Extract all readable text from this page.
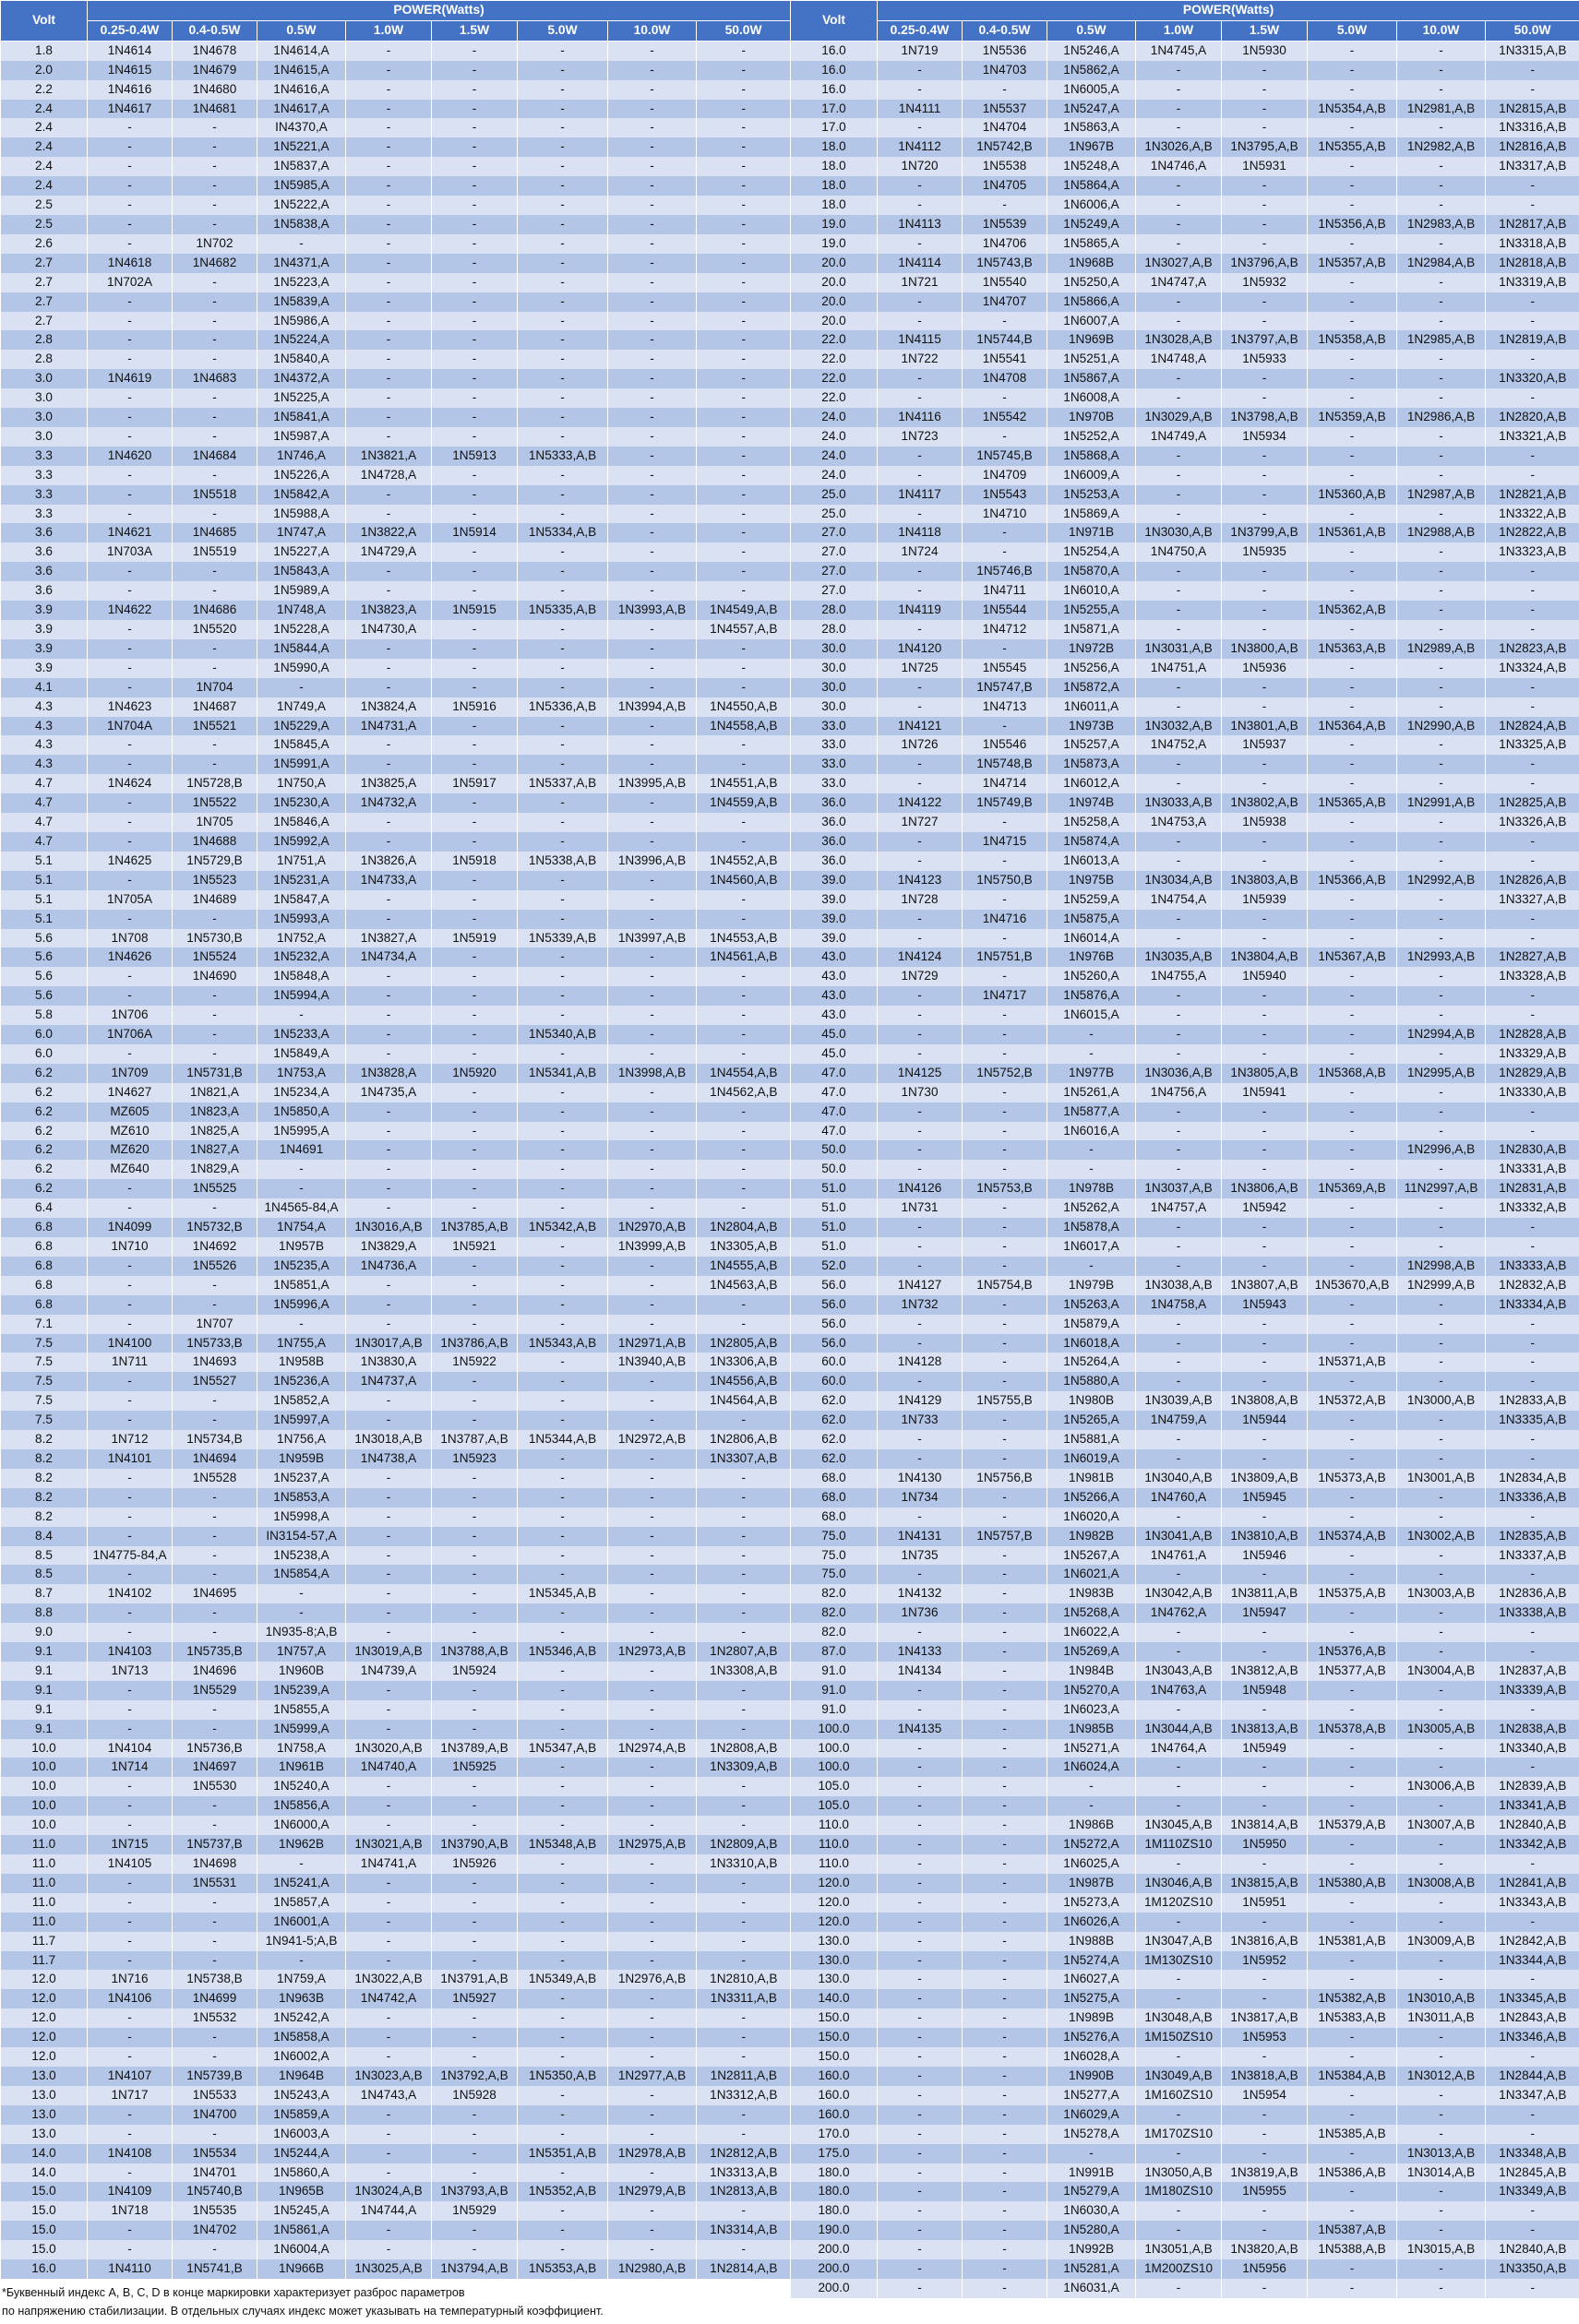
Volt	POWER(Watts)							
	0.25-0.4W	0.4-0.5W	0.5W	1.0W	1.5W	5.0W	10.0W	50.0W
1.8	1N4614	1N4678	1N4614,A	-	-	-	-	-
2.0	1N4615	1N4679	1N4615,A	-	-	-	-	-
2.2	1N4616	1N4680	1N4616,A	-	-	-	-	-
2.4	1N4617	1N4681	1N4617,A	-	-	-	-	-
2.4	-	-	IN4370,A	-	-	-	-	-
2.4	-	-	1N5221,A	-	-	-	-	-
2.4	-	-	1N5837,A	-	-	-	-	-
2.4	-	-	1N5985,A	-	-	-	-	-
2.5	-	-	1N5222,A	-	-	-	-	-
2.5	-	-	1N5838,A	-	-	-	-	-
2.6	-	1N702	-	-	-	-	-	-
2.7	1N4618	1N4682	1N4371,A	-	-	-	-	-
2.7	1N702A	-	1N5223,A	-	-	-	-	-
2.7	-	-	1N5839,A	-	-	-	-	-
2.7	-	-	1N5986,A	-	-	-	-	-
2.8	-	-	1N5224,A	-	-	-	-	-
2.8	-	-	1N5840,A	-	-	-	-	-
3.0	1N4619	1N4683	1N4372,A	-	-	-	-	-
3.0	-	-	1N5225,A	-	-	-	-	-
3.0	-	-	1N5841,A	-	-	-	-	-
3.0	-	-	1N5987,A	-	-	-	-	-
3.3	1N4620	1N4684	1N746,A	1N3821,A	1N5913	1N5333,A,B	-	-
3.3	-	-	1N5226,A	1N4728,A	-	-	-	-
3.3	-	1N5518	1N5842,A	-	-	-	-	-
3.3	-	-	1N5988,A	-	-	-	-	-
3.6	1N4621	1N4685	1N747,A	1N3822,A	1N5914	1N5334,A,B	-	-
3.6	1N703A	1N5519	1N5227,A	1N4729,A	-	-	-	-
3.6	-	-	1N5843,A	-	-	-	-	-
3.6	-	-	1N5989,A	-	-	-	-	-
3.9	1N4622	1N4686	1N748,A	1N3823,A	1N5915	1N5335,A,B	1N3993,A,B	1N4549,A,B
3.9	-	1N5520	1N5228,A	1N4730,A	-	-	-	1N4557,A,B
3.9	-	-	1N5844,A	-	-	-	-	-
3.9	-	-	1N5990,A	-	-	-	-	-
4.1	-	1N704	-	-	-	-	-	-
4.3	1N4623	1N4687	1N749,A	1N3824,A	1N5916	1N5336,A,B	1N3994,A,B	1N4550,A,B
4.3	1N704A	1N5521	1N5229,A	1N4731,A	-	-	-	1N4558,A,B
4.3	-	-	1N5845,A	-	-	-	-	-
4.3	-	-	1N5991,A	-	-	-	-	-
4.7	1N4624	1N5728,B	1N750,A	1N3825,A	1N5917	1N5337,A,B	1N3995,A,B	1N4551,A,B
4.7	-	1N5522	1N5230,A	1N4732,A	-	-	-	1N4559,A,B
4.7	-	1N705	1N5846,A	-	-	-	-	-
4.7	-	1N4688	1N5992,A	-	-	-	-	-
5.1	1N4625	1N5729,B	1N751,A	1N3826,A	1N5918	1N5338,A,B	1N3996,A,B	1N4552,A,B
5.1	-	1N5523	1N5231,A	1N4733,A	-	-	-	1N4560,A,B
5.1	1N705A	1N4689	1N5847,A	-	-	-	-	-
5.1	-	-	1N5993,A	-	-	-	-	-
5.6	1N708	1N5730,B	1N752,A	1N3827,A	1N5919	1N5339,A,B	1N3997,A,B	1N4553,A,B
5.6	1N4626	1N5524	1N5232,A	1N4734,A	-	-	-	1N4561,A,B
5.6	-	1N4690	1N5848,A	-	-	-	-	-
5.6	-	-	1N5994,A	-	-	-	-	-
5.8	1N706	-	-	-	-	-	-	-
6.0	1N706A	-	1N5233,A	-	-	1N5340,A,B	-	-
6.0	-	-	1N5849,A	-	-	-	-	-
6.2	1N709	1N5731,B	1N753,A	1N3828,A	1N5920	1N5341,A,B	1N3998,A,B	1N4554,A,B
6.2	1N4627	1N821,A	1N5234,A	1N4735,A	-	-	-	1N4562,A,B
6.2	MZ605	1N823,A	1N5850,A	-	-	-	-	-
6.2	MZ610	1N825,A	1N5995,A	-	-	-	-	-
6.2	MZ620	1N827,A	1N4691	-	-	-	-	-
6.2	MZ640	1N829,A	-	-	-	-	-	-
6.2	-	1N5525	-	-	-	-	-	-
6.4	-	-	1N4565-84,A	-	-	-	-	-
6.8	1N4099	1N5732,B	1N754,A	1N3016,A,B	1N3785,A,B	1N5342,A,B	1N2970,A,B	1N2804,A,B
6.8	1N710	1N4692	1N957B	1N3829,A	1N5921	-	1N3999,A,B	1N3305,A,B
6.8	-	1N5526	1N5235,A	1N4736,A	-	-	-	1N4555,A,B
6.8	-	-	1N5851,A	-	-	-	-	1N4563,A,B
6.8	-	-	1N5996,A	-	-	-	-	-
7.1	-	1N707	-	-	-	-	-	-
7.5	1N4100	1N5733,B	1N755,A	1N3017,A,B	1N3786,A,B	1N5343,A,B	1N2971,A,B	1N2805,A,B
7.5	1N711	1N4693	1N958B	1N3830,A	1N5922	-	1N3940,A,B	1N3306,A,B
7.5	-	1N5527	1N5236,A	1N4737,A	-	-	-	1N4556,A,B
7.5	-	-	1N5852,A	-	-	-	-	1N4564,A,B
7.5	-	-	1N5997,A	-	-	-	-	-
8.2	1N712	1N5734,B	1N756,A	1N3018,A,B	1N3787,A,B	1N5344,A,B	1N2972,A,B	1N2806,A,B
8.2	1N4101	1N4694	1N959B	1N4738,A	1N5923	-	-	1N3307,A,B
8.2	-	1N5528	1N5237,A	-	-	-	-	-
8.2	-	-	1N5853,A	-	-	-	-	-
8.2	-	-	1N5998,A	-	-	-	-	-
8.4	-	-	IN3154-57,A	-	-	-	-	-
8.5	1N4775-84,A	-	1N5238,A	-	-	-	-	-
8.5	-	-	1N5854,A	-	-	-	-	-
8.7	1N4102	1N4695	-	-	-	1N5345,A,B	-	-
8.8	-	-	-	-	-	-	-	-
9.0	-	-	1N935-8;A,B	-	-	-	-	-
9.1	1N4103	1N5735,B	1N757,A	1N3019,A,B	1N3788,A,B	1N5346,A,B	1N2973,A,B	1N2807,A,B
9.1	1N713	1N4696	1N960B	1N4739,A	1N5924	-	-	1N3308,A,B
9.1	-	1N5529	1N5239,A	-	-	-	-	-
9.1	-	-	1N5855,A	-	-	-	-	-
9.1	-	-	1N5999,A	-	-	-	-	-
10.0	1N4104	1N5736,B	1N758,A	1N3020,A,B	1N3789,A,B	1N5347,A,B	1N2974,A,B	1N2808,A,B
10.0	1N714	1N4697	1N961B	1N4740,A	1N5925	-	-	1N3309,A,B
10.0	-	1N5530	1N5240,A	-	-	-	-	-
10.0	-	-	1N5856,A	-	-	-	-	-
10.0	-	-	1N6000,A	-	-	-	-	-
11.0	1N715	1N5737,B	1N962B	1N3021,A,B	1N3790,A,B	1N5348,A,B	1N2975,A,B	1N2809,A,B
11.0	1N4105	1N4698	-	1N4741,A	1N5926	-	-	1N3310,A,B
11.0	-	1N5531	1N5241,A	-	-	-	-	-
11.0	-	-	1N5857,A	-	-	-	-	-
11.0	-	-	1N6001,A	-	-	-	-	-
11.7	-	-	1N941-5;A,B	-	-	-	-	-
11.7	-	-	-	-	-	-	-	-
12.0	1N716	1N5738,B	1N759,A	1N3022,A,B	1N3791,A,B	1N5349,A,B	1N2976,A,B	1N2810,A,B
12.0	1N4106	1N4699	1N963B	1N4742,A	1N5927	-	-	1N3311,A,B
12.0	-	1N5532	1N5242,A	-	-	-	-	-
12.0	-	-	1N5858,A	-	-	-	-	-
12.0	-	-	1N6002,A	-	-	-	-	-
13.0	1N4107	1N5739,B	1N964B	1N3023,A,B	1N3792,A,B	1N5350,A,B	1N2977,A,B	1N2811,A,B
13.0	1N717	1N5533	1N5243,A	1N4743,A	1N5928	-	-	1N3312,A,B
13.0	-	1N4700	1N5859,A	-	-	-	-	-
13.0	-	-	1N6003,A	-	-	-	-	-
14.0	1N4108	1N5534	1N5244,A	-	-	1N5351,A,B	1N2978,A,B	1N2812,A,B
14.0	-	1N4701	1N5860,A	-	-	-	-	1N3313,A,B
15.0	1N4109	1N5740,B	1N965B	1N3024,A,B	1N3793,A,B	1N5352,A,B	1N2979,A,B	1N2813,A,B
15.0	1N718	1N5535	1N5245,A	1N4744,A	1N5929	-	-	-
15.0	-	1N4702	1N5861,A	-	-	-	-	1N3314,A,B
15.0	-	-	1N6004,A	-	-	-	-	-
16.0	1N4110	1N5741,B	1N966B	1N3025,A,B	1N3794,A,B	1N5353,A,B	1N2980,A,B	1N2814,A,B
Volt	POWER(Watts)							
	0.25-0.4W	0.4-0.5W	0.5W	1.0W	1.5W	5.0W	10.0W	50.0W
16.0	1N719	1N5536	1N5246,A	1N4745,A	1N5930	-	-	1N3315,A,B
16.0	-	1N4703	1N5862,A	-	-	-	-	-
16.0	-	-	1N6005,A	-	-	-	-	-
17.0	1N4111	1N5537	1N5247,A	-	-	1N5354,A,B	1N2981,A,B	1N2815,A,B
17.0	-	1N4704	1N5863,A	-	-	-	-	1N3316,A,B
18.0	1N4112	1N5742,B	1N967B	1N3026,A,B	1N3795,A,B	1N5355,A,B	1N2982,A,B	1N2816,A,B
18.0	1N720	1N5538	1N5248,A	1N4746,A	1N5931	-	-	1N3317,A,B
18.0	-	1N4705	1N5864,A	-	-	-	-	-
18.0	-	-	1N6006,A	-	-	-	-	-
19.0	1N4113	1N5539	1N5249,A	-	-	1N5356,A,B	1N2983,A,B	1N2817,A,B
19.0	-	1N4706	1N5865,A	-	-	-	-	1N3318,A,B
20.0	1N4114	1N5743,B	1N968B	1N3027,A,B	1N3796,A,B	1N5357,A,B	1N2984,A,B	1N2818,A,B
20.0	1N721	1N5540	1N5250,A	1N4747,A	1N5932	-	-	1N3319,A,B
20.0	-	1N4707	1N5866,A	-	-	-	-	-
20.0	-	-	1N6007,A	-	-	-	-	-
22.0	1N4115	1N5744,B	1N969B	1N3028,A,B	1N3797,A,B	1N5358,A,B	1N2985,A,B	1N2819,A,B
22.0	1N722	1N5541	1N5251,A	1N4748,A	1N5933	-	-	-
22.0	-	1N4708	1N5867,A	-	-	-	-	1N3320,A,B
22.0	-	-	1N6008,A	-	-	-	-	-
24.0	1N4116	1N5542	1N970B	1N3029,A,B	1N3798,A,B	1N5359,A,B	1N2986,A,B	1N2820,A,B
24.0	1N723	-	1N5252,A	1N4749,A	1N5934	-	-	1N3321,A,B
24.0	-	1N5745,B	1N5868,A	-	-	-	-	-
24.0	-	1N4709	1N6009,A	-	-	-	-	-
25.0	1N4117	1N5543	1N5253,A	-	-	1N5360,A,B	1N2987,A,B	1N2821,A,B
25.0	-	1N4710	1N5869,A	-	-	-	-	1N3322,A,B
27.0	1N4118	-	1N971B	1N3030,A,B	1N3799,A,B	1N5361,A,B	1N2988,A,B	1N2822,A,B
27.0	1N724	-	1N5254,A	1N4750,A	1N5935	-	-	1N3323,A,B
27.0	-	1N5746,B	1N5870,A	-	-	-	-	-
27.0	-	1N4711	1N6010,A	-	-	-	-	-
28.0	1N4119	1N5544	1N5255,A	-	-	1N5362,A,B	-	-
28.0	-	1N4712	1N5871,A	-	-	-	-	-
30.0	1N4120	-	1N972B	1N3031,A,B	1N3800,A,B	1N5363,A,B	1N2989,A,B	1N2823,A,B
30.0	1N725	1N5545	1N5256,A	1N4751,A	1N5936	-	-	1N3324,A,B
30.0	-	1N5747,B	1N5872,A	-	-	-	-	-
30.0	-	1N4713	1N6011,A	-	-	-	-	-
33.0	1N4121	-	1N973B	1N3032,A,B	1N3801,A,B	1N5364,A,B	1N2990,A,B	1N2824,A,B
33.0	1N726	1N5546	1N5257,A	1N4752,A	1N5937	-	-	1N3325,A,B
33.0	-	1N5748,B	1N5873,A	-	-	-	-	-
33.0	-	1N4714	1N6012,A	-	-	-	-	-
36.0	1N4122	1N5749,B	1N974B	1N3033,A,B	1N3802,A,B	1N5365,A,B	1N2991,A,B	1N2825,A,B
36.0	1N727	-	1N5258,A	1N4753,A	1N5938	-	-	1N3326,A,B
36.0	-	1N4715	1N5874,A	-	-	-	-	-
36.0	-	-	1N6013,A	-	-	-	-	-
39.0	1N4123	1N5750,B	1N975B	1N3034,A,B	1N3803,A,B	1N5366,A,B	1N2992,A,B	1N2826,A,B
39.0	1N728	-	1N5259,A	1N4754,A	1N5939	-	-	1N3327,A,B
39.0	-	1N4716	1N5875,A	-	-	-	-	-
39.0	-	-	1N6014,A	-	-	-	-	-
43.0	1N4124	1N5751,B	1N976B	1N3035,A,B	1N3804,A,B	1N5367,A,B	1N2993,A,B	1N2827,A,B
43.0	1N729	-	1N5260,A	1N4755,A	1N5940	-	-	1N3328,A,B
43.0	-	1N4717	1N5876,A	-	-	-	-	-
43.0	-	-	1N6015,A	-	-	-	-	-
45.0	-	-	-	-	-	-	1N2994,A,B	1N2828,A,B
45.0	-	-	-	-	-	-	-	1N3329,A,B
47.0	1N4125	1N5752,B	1N977B	1N3036,A,B	1N3805,A,B	1N5368,A,B	1N2995,A,B	1N2829,A,B
47.0	1N730	-	1N5261,A	1N4756,A	1N5941	-	-	1N3330,A,B
47.0	-	-	1N5877,A	-	-	-	-	-
47.0	-	-	1N6016,A	-	-	-	-	-
50.0	-	-	-	-	-	-	1N2996,A,B	1N2830,A,B
50.0	-	-	-	-	-	-	-	1N3331,A,B
51.0	1N4126	1N5753,B	1N978B	1N3037,A,B	1N3806,A,B	1N5369,A,B	11N2997,A,B	1N2831,A,B
51.0	1N731	-	1N5262,A	1N4757,A	1N5942	-	-	1N3332,A,B
51.0	-	-	1N5878,A	-	-	-	-	-
51.0	-	-	1N6017,A	-	-	-	-	-
52.0	-	-	-	-	-	-	1N2998,A,B	1N3333,A,B
56.0	1N4127	1N5754,B	1N979B	1N3038,A,B	1N3807,A,B	1N53670,A,B	1N2999,A,B	1N2832,A,B
56.0	1N732	-	1N5263,A	1N4758,A	1N5943	-	-	1N3334,A,B
56.0	-	-	1N5879,A	-	-	-	-	-
56.0	-	-	1N6018,A	-	-	-	-	-
60.0	1N4128	-	1N5264,A	-	-	1N5371,A,B	-	-
60.0	-	-	1N5880,A	-	-	-	-	-
62.0	1N4129	1N5755,B	1N980B	1N3039,A,B	1N3808,A,B	1N5372,A,B	1N3000,A,B	1N2833,A,B
62.0	1N733	-	1N5265,A	1N4759,A	1N5944	-	-	1N3335,A,B
62.0	-	-	1N5881,A	-	-	-	-	-
62.0	-	-	1N6019,A	-	-	-	-	-
68.0	1N4130	1N5756,B	1N981B	1N3040,A,B	1N3809,A,B	1N5373,A,B	1N3001,A,B	1N2834,A,B
68.0	1N734	-	1N5266,A	1N4760,A	1N5945	-	-	1N3336,A,B
68.0	-	-	1N6020,A	-	-	-	-	-
75.0	1N4131	1N5757,B	1N982B	1N3041,A,B	1N3810,A,B	1N5374,A,B	1N3002,A,B	1N2835,A,B
75.0	1N735	-	1N5267,A	1N4761,A	1N5946	-	-	1N3337,A,B
75.0	-	-	1N6021,A	-	-	-	-	-
82.0	1N4132	-	1N983B	1N3042,A,B	1N3811,A,B	1N5375,A,B	1N3003,A,B	1N2836,A,B
82.0	1N736	-	1N5268,A	1N4762,A	1N5947	-	-	1N3338,A,B
82.0	-	-	1N6022,A	-	-	-	-	-
87.0	1N4133	-	1N5269,A	-	-	1N5376,A,B	-	-
91.0	1N4134	-	1N984B	1N3043,A,B	1N3812,A,B	1N5377,A,B	1N3004,A,B	1N2837,A,B
91.0	-	-	1N5270,A	1N4763,A	1N5948	-	-	1N3339,A,B
91.0	-	-	1N6023,A	-	-	-	-	-
100.0	1N4135	-	1N985B	1N3044,A,B	1N3813,A,B	1N5378,A,B	1N3005,A,B	1N2838,A,B
100.0	-	-	1N5271,A	1N4764,A	1N5949	-	-	1N3340,A,B
100.0	-	-	1N6024,A	-	-	-	-	-
105.0	-	-	-	-	-	-	1N3006,A,B	1N2839,A,B
105.0	-	-	-	-	-	-	-	1N3341,A,B
110.0	-	-	1N986B	1N3045,A,B	1N3814,A,B	1N5379,A,B	1N3007,A,B	1N2840,A,B
110.0	-	-	1N5272,A	1M110ZS10	1N5950	-	-	1N3342,A,B
110.0	-	-	1N6025,A	-	-	-	-	-
120.0	-	-	1N987B	1N3046,A,B	1N3815,A,B	1N5380,A,B	1N3008,A,B	1N2841,A,B
120.0	-	-	1N5273,A	1M120ZS10	1N5951	-	-	1N3343,A,B
120.0	-	-	1N6026,A	-	-	-	-	-
130.0	-	-	1N988B	1N3047,A,B	1N3816,A,B	1N5381,A,B	1N3009,A,B	1N2842,A,B
130.0	-	-	1N5274,A	1M130ZS10	1N5952	-	-	1N3344,A,B
130.0	-	-	1N6027,A	-	-	-	-	-
140.0	-	-	1N5275,A	-	-	1N5382,A,B	1N3010,A,B	1N3345,A,B
150.0	-	-	1N989B	1N3048,A,B	1N3817,A,B	1N5383,A,B	1N3011,A,B	1N2843,A,B
150.0	-	-	1N5276,A	1M150ZS10	1N5953	-	-	1N3346,A,B
150.0	-	-	1N6028,A	-	-	-	-	-
160.0	-	-	1N990B	1N3049,A,B	1N3818,A,B	1N5384,A,B	1N3012,A,B	1N2844,A,B
160.0	-	-	1N5277,A	1M160ZS10	1N5954	-	-	1N3347,A,B
160.0	-	-	1N6029,A	-	-	-	-	-
170.0	-	-	1N5278,A	1M170ZS10	-	1N5385,A,B	-	-
175.0	-	-	-	-	-	-	1N3013,A,B	1N3348,A,B
180.0	-	-	1N991B	1N3050,A,B	1N3819,A,B	1N5386,A,B	1N3014,A,B	1N2845,A,B
180.0	-	-	1N5279,A	1M180ZS10	1N5955	-	-	1N3349,A,B
180.0	-	-	1N6030,A	-	-	-	-	-
190.0	-	-	1N5280,A	-	-	1N5387,A,B	-	-
200.0	-	-	1N992B	1N3051,A,B	1N3820,A,B	1N5388,A,B	1N3015,A,B	1N2840,A,B
200.0	-	-	1N5281,A	1M200ZS10	1N5956	-	-	1N3350,A,B
200.0	-	-	1N6031,A	-	-	-	-	-
*Буквенный индекс A, B, C, D в конце маркировки характеризует разброс параметров
по напряжению стабилизации. В отдельных случаях индекс может указывать на температурный коэффициент.
